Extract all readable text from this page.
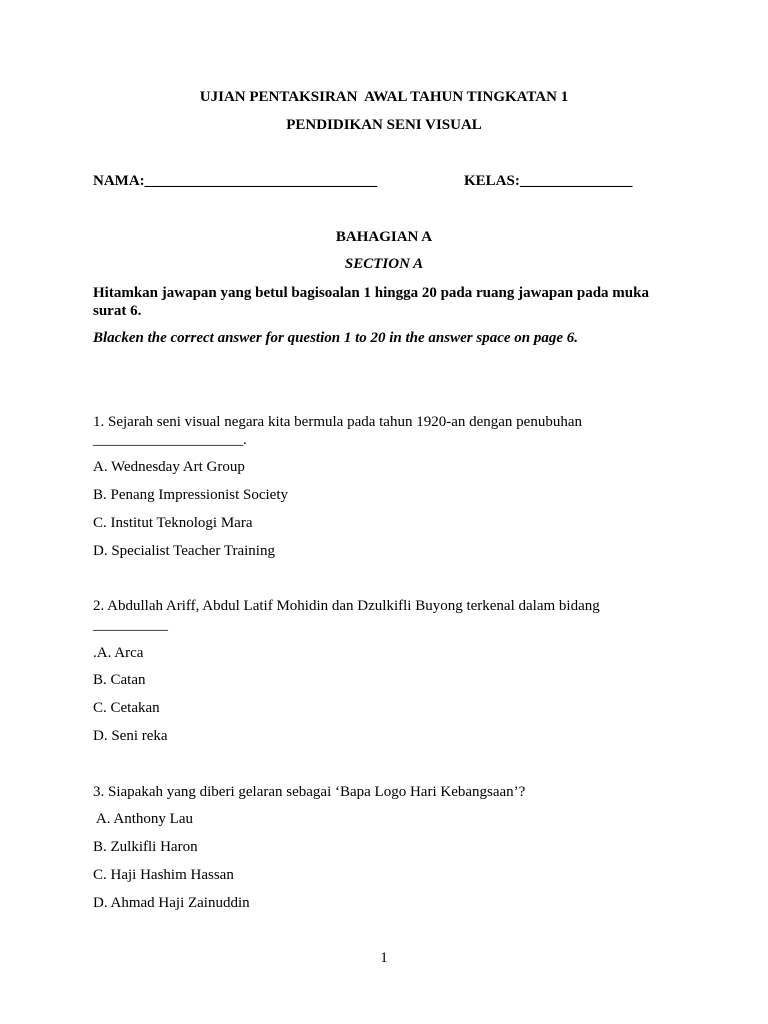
UJIAN PENTAKSIRAN  AWAL TAHUN TINGKATAN 1
PENDIDIKAN SENI VISUAL
NAMA:_______________________________	KELAS:_______________
BAHAGIAN A
SECTION A
Hitamkan jawapan yang betul bagisoalan 1 hingga 20 pada ruang jawapan pada muka surat 6.
Blacken the correct answer for question 1 to 20 in the answer space on page 6.
1. Sejarah seni visual negara kita bermula pada tahun 1920-an dengan penubuhan
____________________.
A. Wednesday Art Group
B. Penang Impressionist Society
C. Institut Teknologi Mara
D. Specialist Teacher Training
2. Abdullah Ariff, Abdul Latif Mohidin dan Dzulkifli Buyong terkenal dalam bidang
__________
.A. Arca
B. Catan
C. Cetakan
D. Seni reka
3. Siapakah yang diberi gelaran sebagai ‘Bapa Logo Hari Kebangsaan’?
A. Anthony Lau
B. Zulkifli Haron
C. Haji Hashim Hassan
D. Ahmad Haji Zainuddin
1
